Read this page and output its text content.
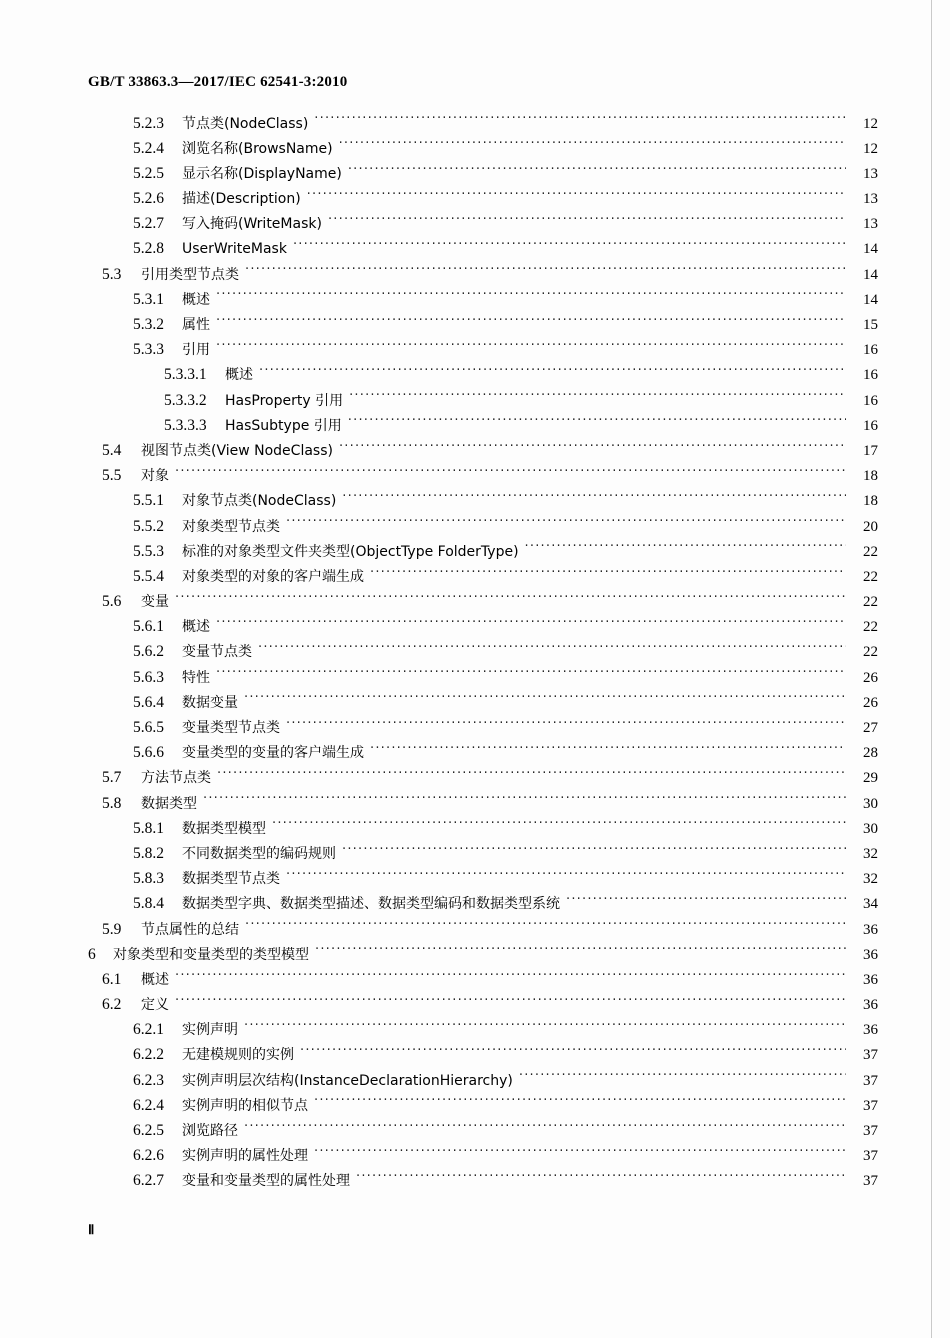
GB/T 33863.3—2017/IEC 62541-3:2010
5.2.3	节点类(NodeClass) ·····	12
5.2.4	浏览名称(BrowsName) ·····	12
5.2.5	显示名称(DisplayName) ·····	13
5.2.6	描述(Description) ·····	13
5.2.7	写入掩码(WriteMask) ·····	13
5.2.8	UserWriteMask ·····	14
5.3	引用类型节点类 ·····	14
5.3.1	概述 ·····	14
5.3.2	属性 ·····	15
5.3.3	引用 ·····	16
5.3.3.1	概述 ·····	16
5.3.3.2	HasProperty 引用 ·····	16
5.3.3.3	HasSubtype 引用 ·····	16
5.4	视图节点类(View NodeClass) ·····	17
5.5	对象 ·····	18
5.5.1	对象节点类(NodeClass) ·····	18
5.5.2	对象类型节点类 ·····	20
5.5.3	标准的对象类型文件夹类型(ObjectType FolderType) ·····	22
5.5.4	对象类型的对象的客户端生成 ·····	22
5.6	变量 ·····	22
5.6.1	概述 ·····	22
5.6.2	变量节点类 ·····	22
5.6.3	特性 ·····	26
5.6.4	数据变量 ·····	26
5.6.5	变量类型节点类 ·····	27
5.6.6	变量类型的变量的客户端生成 ·····	28
5.7	方法节点类 ·····	29
5.8	数据类型 ·····	30
5.8.1	数据类型模型 ·····	30
5.8.2	不同数据类型的编码规则 ·····	32
5.8.3	数据类型节点类 ·····	32
5.8.4	数据类型字典、数据类型描述、数据类型编码和数据类型系统 ·····	34
5.9	节点属性的总结 ·····	36
6	对象类型和变量类型的类型模型 ·····	36
6.1	概述 ·····	36
6.2	定义 ·····	36
6.2.1	实例声明 ·····	36
6.2.2	无建模规则的实例 ·····	37
6.2.3	实例声明层次结构(InstanceDeclarationHierarchy) ·····	37
6.2.4	实例声明的相似节点 ·····	37
6.2.5	浏览路径 ·····	37
6.2.6	实例声明的属性处理 ·····	37
6.2.7	变量和变量类型的属性处理 ·····	37
Ⅱ
